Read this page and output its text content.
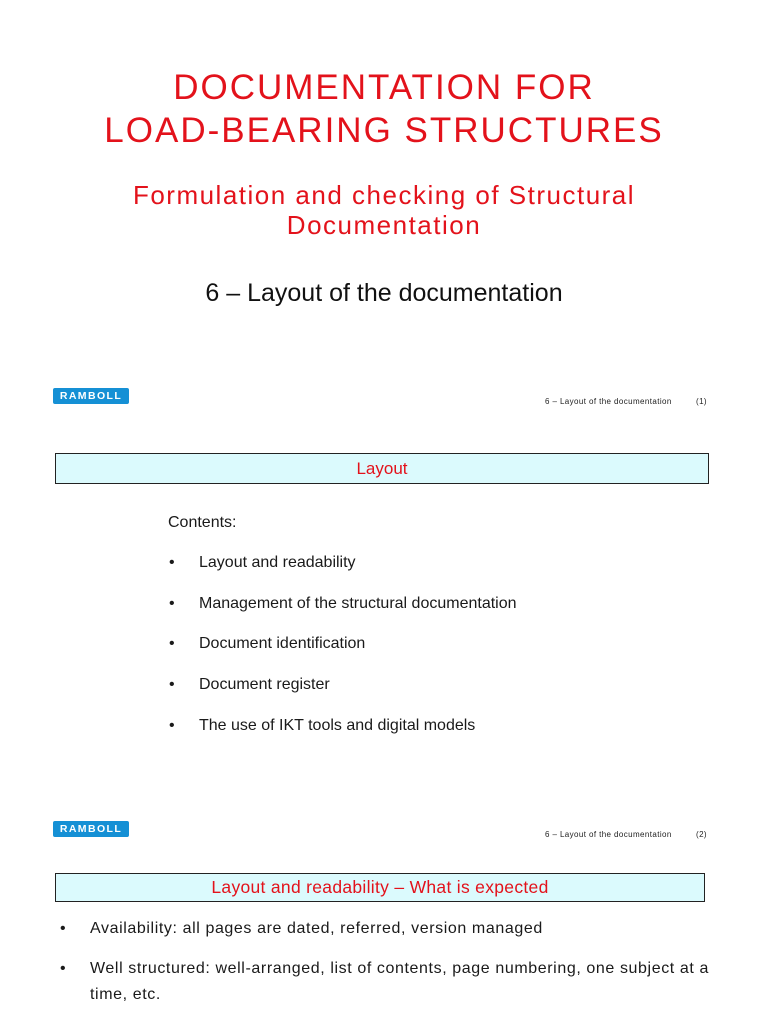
DOCUMENTATION FOR
LOAD-BEARING STRUCTURES
Formulation and checking of Structural
Documentation
6 – Layout of the documentation
RAMBOLL	6 – Layout of the documentation	(1)
Layout
Contents:
•	Layout and readability
•	Management of the structural documentation
•	Document identification
•	Document register
•	The use of IKT tools and digital models
RAMBOLL	6 – Layout of the documentation	(2)
Layout and readability – What is expected
•	Availability: all pages are dated, referred, version managed
•	Well structured: well-arranged, list of contents, page numbering, one subject at a time, etc.
